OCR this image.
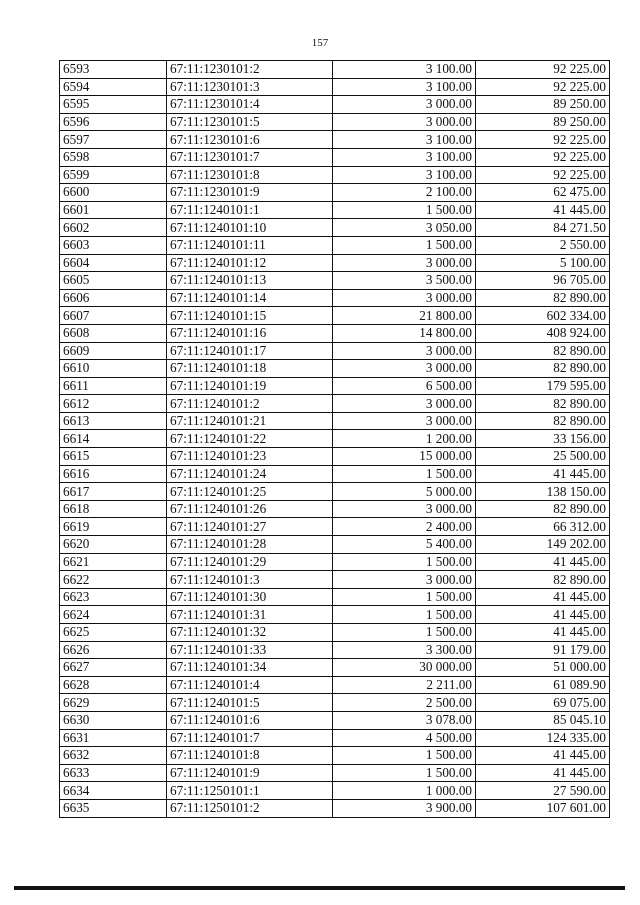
157
6593	67:11:1230101:2	3 100.00	92 225.00
6594	67:11:1230101:3	3 100.00	92 225.00
6595	67:11:1230101:4	3 000.00	89 250.00
6596	67:11:1230101:5	3 000.00	89 250.00
6597	67:11:1230101:6	3 100.00	92 225.00
6598	67:11:1230101:7	3 100.00	92 225.00
6599	67:11:1230101:8	3 100.00	92 225.00
6600	67:11:1230101:9	2 100.00	62 475.00
6601	67:11:1240101:1	1 500.00	41 445.00
6602	67:11:1240101:10	3 050.00	84 271.50
6603	67:11:1240101:11	1 500.00	2 550.00
6604	67:11:1240101:12	3 000.00	5 100.00
6605	67:11:1240101:13	3 500.00	96 705.00
6606	67:11:1240101:14	3 000.00	82 890.00
6607	67:11:1240101:15	21 800.00	602 334.00
6608	67:11:1240101:16	14 800.00	408 924.00
6609	67:11:1240101:17	3 000.00	82 890.00
6610	67:11:1240101:18	3 000.00	82 890.00
6611	67:11:1240101:19	6 500.00	179 595.00
6612	67:11:1240101:2	3 000.00	82 890.00
6613	67:11:1240101:21	3 000.00	82 890.00
6614	67:11:1240101:22	1 200.00	33 156.00
6615	67:11:1240101:23	15 000.00	25 500.00
6616	67:11:1240101:24	1 500.00	41 445.00
6617	67:11:1240101:25	5 000.00	138 150.00
6618	67:11:1240101:26	3 000.00	82 890.00
6619	67:11:1240101:27	2 400.00	66 312.00
6620	67:11:1240101:28	5 400.00	149 202.00
6621	67:11:1240101:29	1 500.00	41 445.00
6622	67:11:1240101:3	3 000.00	82 890.00
6623	67:11:1240101:30	1 500.00	41 445.00
6624	67:11:1240101:31	1 500.00	41 445.00
6625	67:11:1240101:32	1 500.00	41 445.00
6626	67:11:1240101:33	3 300.00	91 179.00
6627	67:11:1240101:34	30 000.00	51 000.00
6628	67:11:1240101:4	2 211.00	61 089.90
6629	67:11:1240101:5	2 500.00	69 075.00
6630	67:11:1240101:6	3 078.00	85 045.10
6631	67:11:1240101:7	4 500.00	124 335.00
6632	67:11:1240101:8	1 500.00	41 445.00
6633	67:11:1240101:9	1 500.00	41 445.00
6634	67:11:1250101:1	1 000.00	27 590.00
6635	67:11:1250101:2	3 900.00	107 601.00
